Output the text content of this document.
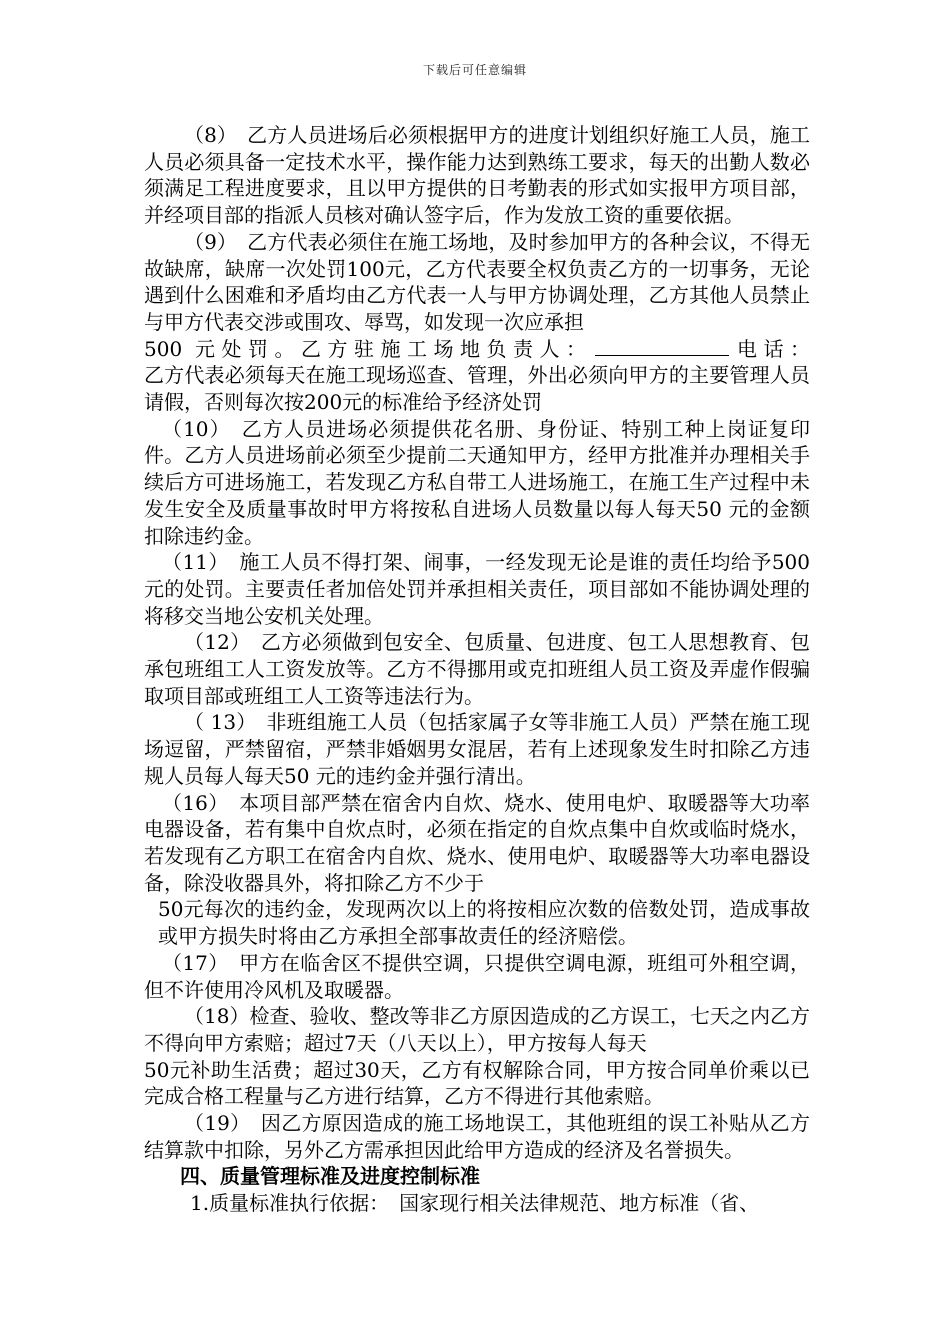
下载后可任意编辑

（8）　乙方人员进场后必须根据甲方的进度计划组织好施工人员，施工人员必须具备一定技术水平，操作能力达到熟练工要求，每天的出勤人数必须满足工程进度要求，且以甲方提供的日考勤表的形式如实报甲方项目部，并经项目部的指派人员核对确认签字后，作为发放工资的重要依据。

（9）　乙方代表必须住在施工场地，及时参加甲方的各种会议，不得无故缺席，缺席一次处罚100元，乙方代表要全权负责乙方的一切事务，无论遇到什么困难和矛盾均由乙方代表一人与甲方协调处理，乙方其他人员禁止与甲方代表交涉或围攻、辱骂，如发现一次应承担

500 元处罚。乙方驻施工场地负责人：	电话：

乙方代表必须每天在施工现场巡查、管理，外出必须向甲方的主要管理人员请假，否则每次按200元的标准给予经济处罚

（10）　乙方人员进场必须提供花名册、身份证、特别工种上岗证复印件。乙方人员进场前必须至少提前二天通知甲方，经甲方批准并办理相关手续后方可进场施工，若发现乙方私自带工人进场施工，在施工生产过程中未发生安全及质量事故时甲方将按私自进场人员数量以每人每天50 元的金额扣除违约金。

（11）　施工人员不得打架、闹事，一经发现无论是谁的责任均给予500元的处罚。主要责任者加倍处罚并承担相关责任，项目部如不能协调处理的将移交当地公安机关处理。

（12）　乙方必须做到包安全、包质量、包进度、包工人思想教育、包承包班组工人工资发放等。乙方不得挪用或克扣班组人员工资及弄虚作假骗取项目部或班组工人工资等违法行为。

（ 13）　非班组施工人员（包括家属子女等非施工人员）严禁在施工现场逗留，严禁留宿，严禁非婚姻男女混居，若有上述现象发生时扣除乙方违规人员每人每天50 元的违约金并强行清出。

（16）　本项目部严禁在宿舍内自炊、烧水、使用电炉、取暖器等大功率电器设备，若有集中自炊点时，必须在指定的自炊点集中自炊或临时烧水，若发现有乙方职工在宿舍内自炊、烧水、使用电炉、取暖器等大功率电器设备，除没收器具外，将扣除乙方不少于

50元每次的违约金，发现两次以上的将按相应次数的倍数处罚，造成事故或甲方损失时将由乙方承担全部事故责任的经济赔偿。

（17）　甲方在临舍区不提供空调，只提供空调电源，班组可外租空调，但不许使用冷风机及取暖器。

（18）检查、验收、整改等非乙方原因造成的乙方误工，七天之内乙方不得向甲方索赔；超过7天（八天以上），甲方按每人每天

50元补助生活费；超过30天，乙方有权解除合同，甲方按合同单价乘以已完成合格工程量与乙方进行结算，乙方不得进行其他索赔。

（19）　因乙方原因造成的施工场地误工，其他班组的误工补贴从乙方结算款中扣除，另外乙方需承担因此给甲方造成的经济及名誉损失。

四、质量管理标准及进度控制标准

1.质量标准执行依据：　国家现行相关法律规范、地方标准（省、
